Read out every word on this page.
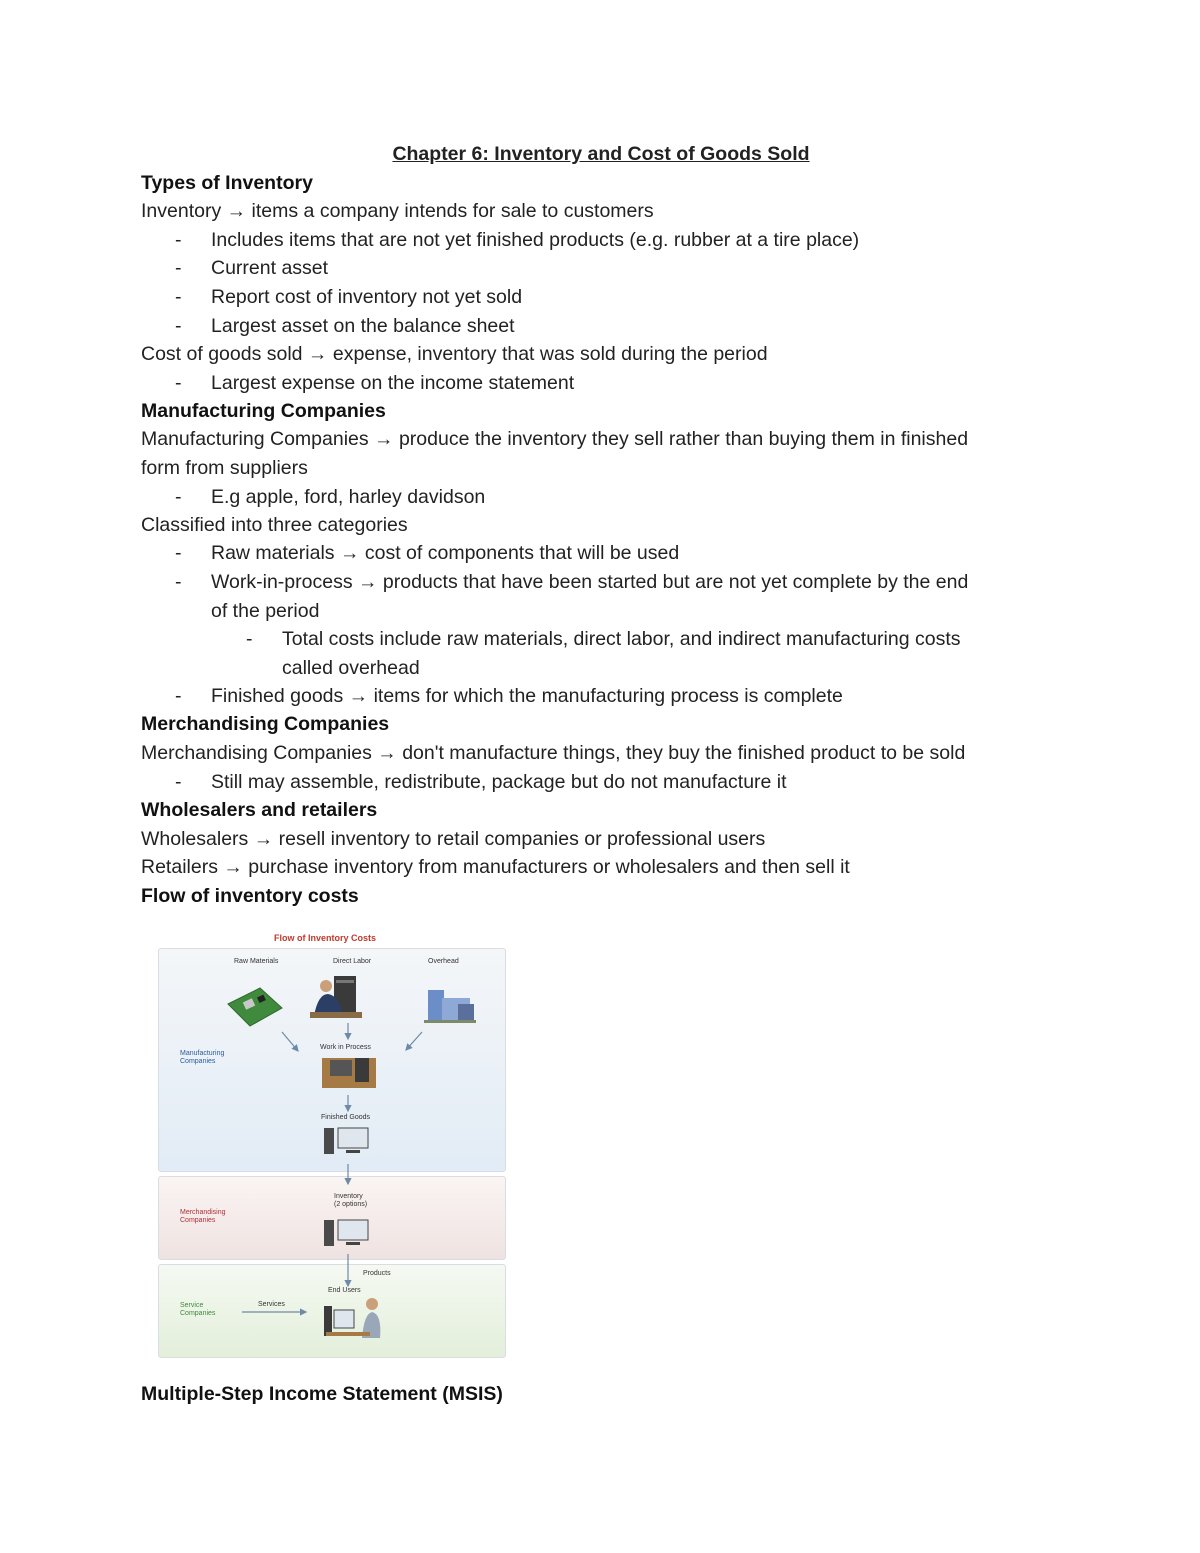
Chapter 6: Inventory and Cost of Goods Sold
Types of Inventory
Inventory → items a company intends for sale to customers
- Includes items that are not yet finished products (e.g. rubber at a tire place)
- Current asset
- Report cost of inventory not yet sold
- Largest asset on the balance sheet
Cost of goods sold → expense, inventory that was sold during the period
- Largest expense on the income statement
Manufacturing Companies
Manufacturing Companies → produce the inventory they sell rather than buying them in finished
form from suppliers
- E.g apple, ford, harley davidson
Classified into three categories
- Raw materials → cost of components that will be used
- Work-in-process → products that have been started but are not yet complete by the end
of the period
- Total costs include raw materials, direct labor, and indirect manufacturing costs
called overhead
- Finished goods → items for which the manufacturing process is complete
Merchandising Companies
Merchandising Companies → don't manufacture things, they buy the finished product to be sold
- Still may assemble, redistribute, package but do not manufacture it
Wholesalers and retailers
Wholesalers → resell inventory to retail companies or professional users
Retailers → purchase inventory from manufacturers or wholesalers and then sell it
Flow of inventory costs
Multiple-Step Income Statement (MSIS)
Flow of Inventory Costs
Raw Materials	Direct Labor	Overhead
Manufacturing
Companies
Work in Process
Finished Goods
Inventory
(2 options)
Merchandising
Companies
Products
End Users
Service
Companies
Services
